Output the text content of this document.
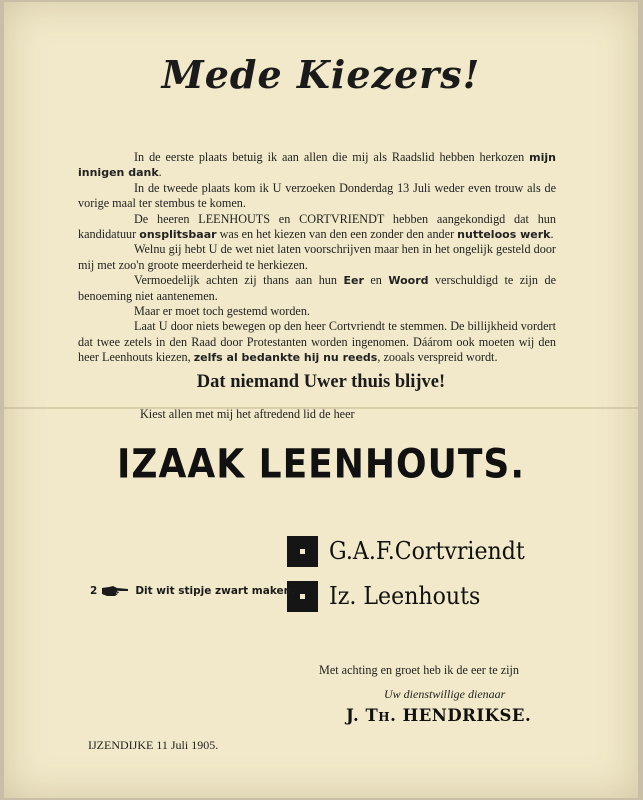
Mede Kiezers!

In de eerste plaats betuig ik aan allen die mij als Raadslid hebben herkozen mijn innigen dank.

In de tweede plaats kom ik U verzoeken Donderdag 13 Juli weder even trouw als de vorige maal ter stembus te komen.

De heeren LEENHOUTS en CORTVRIENDT hebben aangekondigd dat hun kandidatuur onsplitsbaar was en het kiezen van den een zonder den ander nutteloos werk.

Welnu gij hebt U de wet niet laten voorschrijven maar hen in het ongelijk gesteld door mij met zoo'n groote meerderheid te herkiezen.

Vermoedelijk achten zij thans aan hun Eer en Woord verschuldigd te zijn de benoeming niet aantenemen.

Maar er moet toch gestemd worden.

Laat U door niets bewegen op den heer Cortvriendt te stemmen. De billijkheid vordert dat twee zetels in den Raad door Protestanten worden ingenomen. Dáárom ook moeten wij den heer Leenhouts kiezen, zelfs al bedankte hij nu reeds, zooals verspreid wordt.

Dat niemand Uwer thuis blijve!
Kiest allen met mij het aftredend lid de heer
IZAAK LEENHOUTS.
G.A.F.Cortvriendt
Iz. Leenhouts
2	Dit wit stipje zwart maken.
Met achting en groet heb ik de eer te zijn
Uw dienstwillige dienaar
J. TH. HENDRIKSE.
IJZENDIJKE 11 Juli 1905.
